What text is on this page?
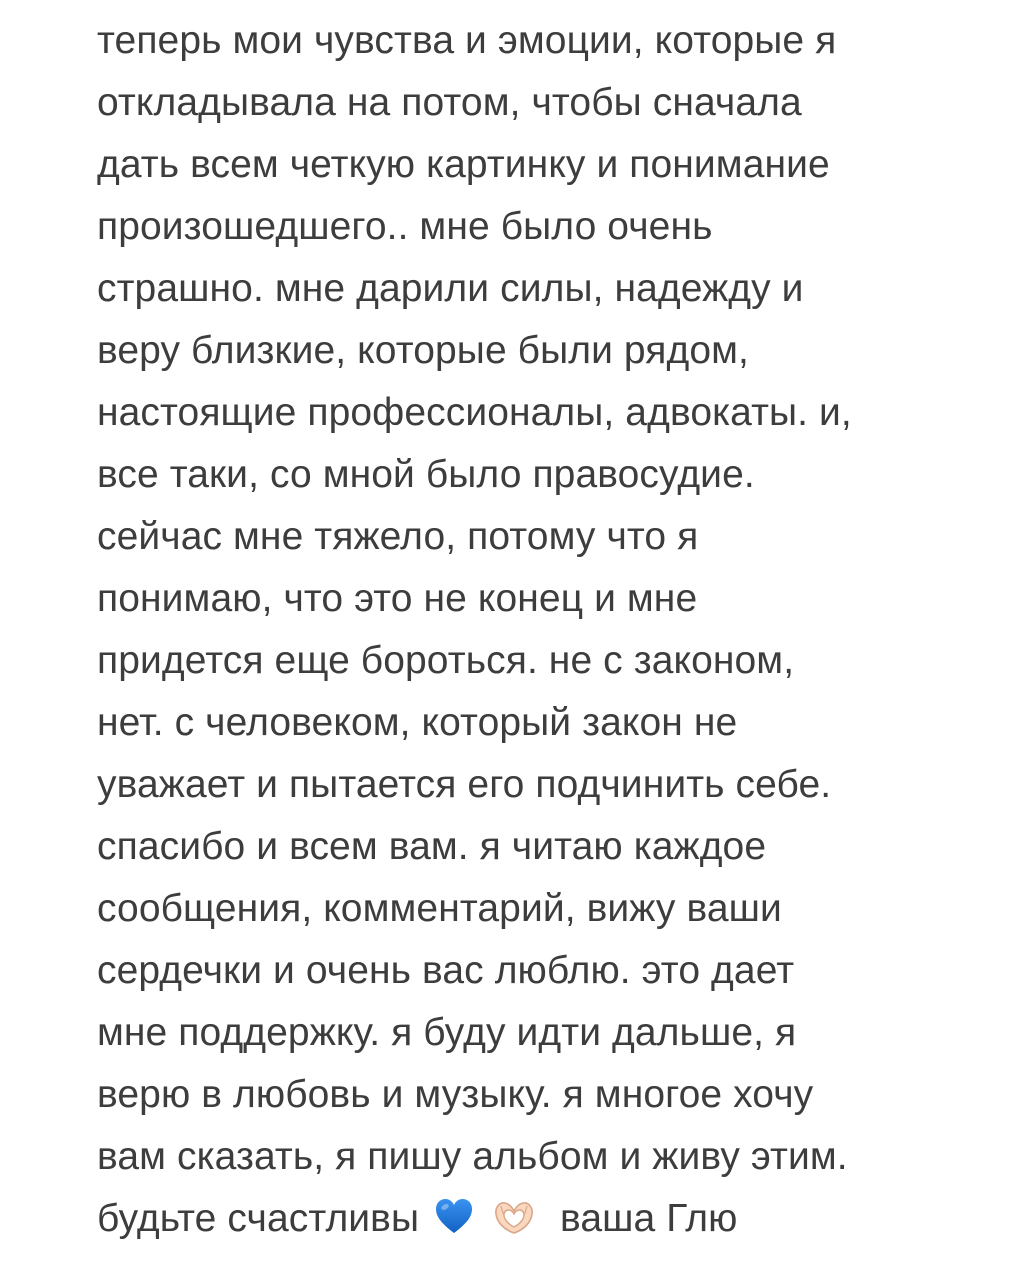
теперь мои чувства и эмоции, которые я
откладывала на потом, чтобы сначала
дать всем четкую картинку и понимание
произошедшего.. мне было очень
страшно. мне дарили силы, надежду и
веру близкие, которые были рядом,
настоящие профессионалы, адвокаты. и,
все таки, со мной было правосудие.
сейчас мне тяжело, потому что я
понимаю, что это не конец и мне
придется еще бороться. не с законом,
нет. с человеком, который закон не
уважает и пытается его подчинить себе.
спасибо и всем вам. я читаю каждое
сообщения, комментарий, вижу ваши
сердечки и очень вас люблю. это дает
мне поддержку. я буду идти дальше, я
верю в любовь и музыку. я многое хочу
вам сказать, я пишу альбом и живу этим.
будьте счастливы	ваша Глю
